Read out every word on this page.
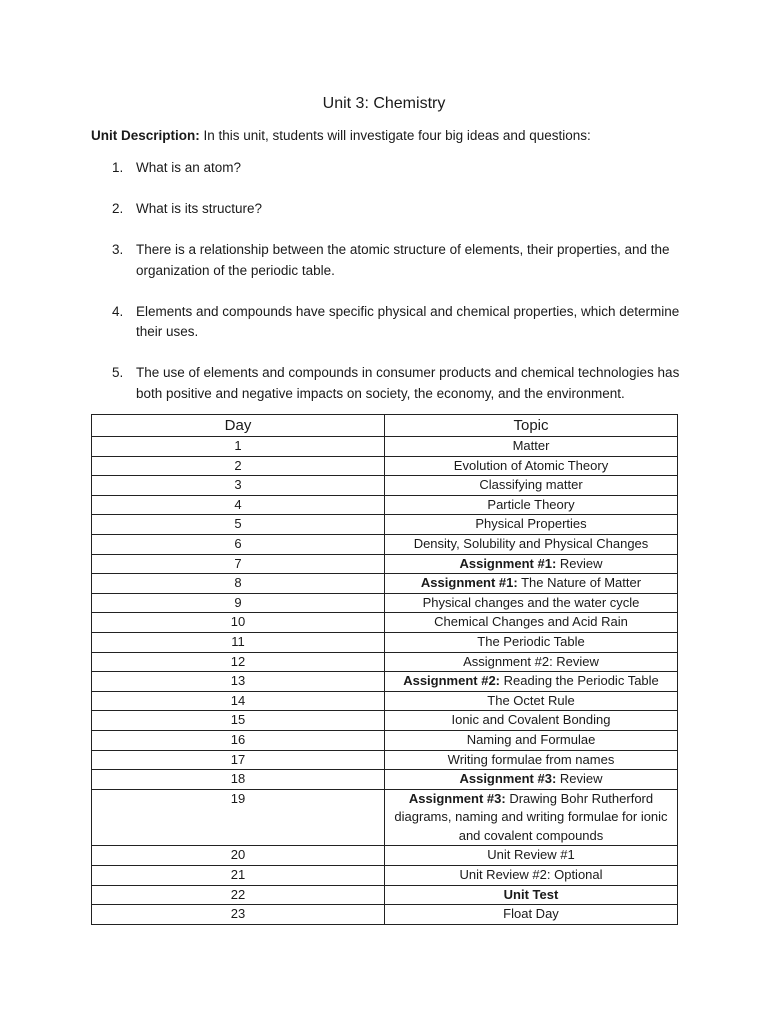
Unit 3: Chemistry
Unit Description: In this unit, students will investigate four big ideas and questions:
1. What is an atom?
2. What is its structure?
3. There is a relationship between the atomic structure of elements, their properties, and the organization of the periodic table.
4. Elements and compounds have specific physical and chemical properties, which determine their uses.
5. The use of elements and compounds in consumer products and chemical technologies has both positive and negative impacts on society, the economy, and the environment.
Day	Topic
1	Matter
2	Evolution of Atomic Theory
3	Classifying matter
4	Particle Theory
5	Physical Properties
6	Density, Solubility and Physical Changes
7	Assignment #1: Review
8	Assignment #1: The Nature of Matter
9	Physical changes and the water cycle
10	Chemical Changes and Acid Rain
11	The Periodic Table
12	Assignment #2: Review
13	Assignment #2: Reading the Periodic Table
14	The Octet Rule
15	Ionic and Covalent Bonding
16	Naming and Formulae
17	Writing formulae from names
18	Assignment #3: Review
19	Assignment #3: Drawing Bohr Rutherford diagrams, naming and writing formulae for ionic and covalent compounds
20	Unit Review #1
21	Unit Review #2: Optional
22	Unit Test
23	Float Day
